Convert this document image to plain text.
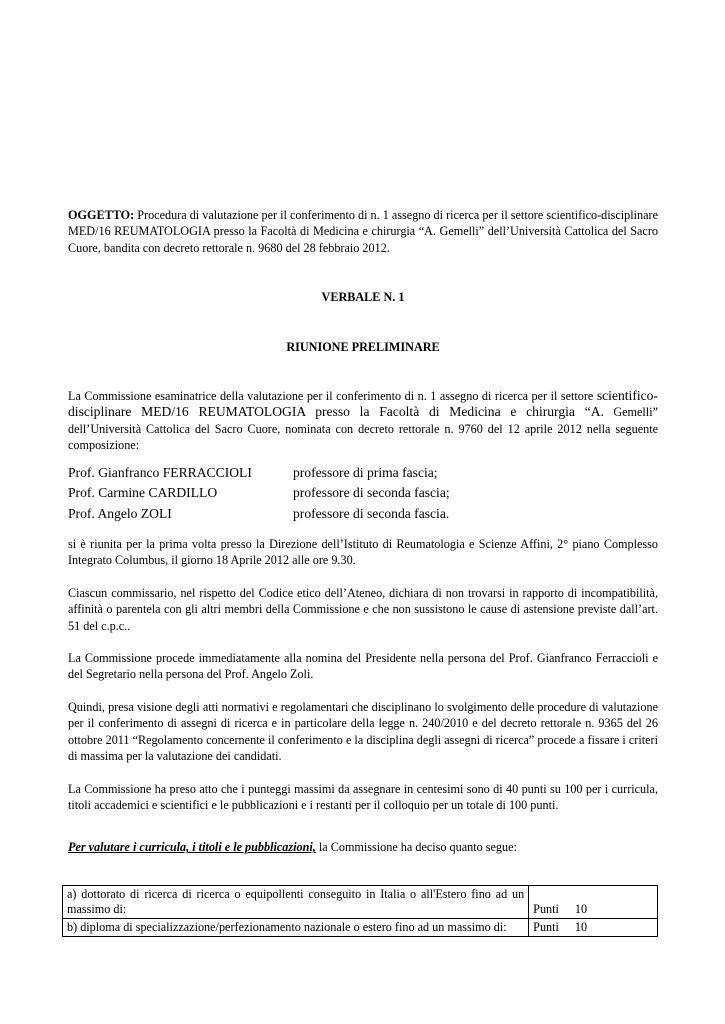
OGGETTO: Procedura di valutazione per il conferimento di n. 1 assegno di ricerca per il settore scientifico-disciplinare MED/16 REUMATOLOGIA presso la Facoltà di Medicina e chirurgia “A. Gemelli” dell’Università Cattolica del Sacro Cuore, bandita con decreto rettorale n. 9680 del 28 febbraio 2012.

VERBALE N. 1

RIUNIONE PRELIMINARE

La Commissione esaminatrice della valutazione per il conferimento di n. 1 assegno di ricerca per il settore scientifico-disciplinare MED/16 REUMATOLOGIA presso la Facoltà di Medicina e chirurgia “A. Gemelli” dell’Università Cattolica del Sacro Cuore, nominata con decreto rettorale n. 9760 del 12 aprile 2012 nella seguente composizione:

Prof. Gianfranco FERRACCIOLI	professore di prima fascia;
Prof. Carmine CARDILLO	professore di seconda fascia;
Prof. Angelo ZOLI	professore di seconda fascia.

si è riunita per la prima volta presso la Direzione dell’Istituto di Reumatologia e Scienze Affini, 2° piano Complesso Integrato Columbus, il giorno 18 Aprile 2012 alle ore 9.30.

Ciascun commissario, nel rispetto del Codice etico dell’Ateneo, dichiara di non trovarsi in rapporto di incompatibilità, affinità o parentela con gli altri membri della Commissione e che non sussistono le cause di astensione previste dall’art. 51 del c.p.c..

La Commissione procede immediatamente alla nomina del Presidente nella persona del Prof. Gianfranco Ferraccioli e del Segretario nella persona del Prof. Angelo Zoli.

Quindi, presa visione degli atti normativi e regolamentari che disciplinano lo svolgimento delle procedure di valutazione per il conferimento di assegni di ricerca e in particolare della legge n. 240/2010 e del decreto rettorale n. 9365 del 26 ottobre 2011 “Regolamento concernente il conferimento e la disciplina degli assegni di ricerca” procede a fissare i criteri di massima per la valutazione dei candidati.

La Commissione ha preso atto che i punteggi massimi da assegnare in centesimi sono di 40 punti su 100 per i curricula, titoli accademici e scientifici e le pubblicazioni e i restanti per il colloquio per un totale di 100 punti.

Per valutare i curricula, i titoli e le pubblicazioni, la Commissione ha deciso quanto segue:

a) dottorato di ricerca di ricerca o equipollenti conseguito in Italia o all'Estero fino ad un massimo di:	Punti 10
b) diploma di specializzazione/perfezionamento nazionale o estero fino ad un massimo di:	Punti 10
